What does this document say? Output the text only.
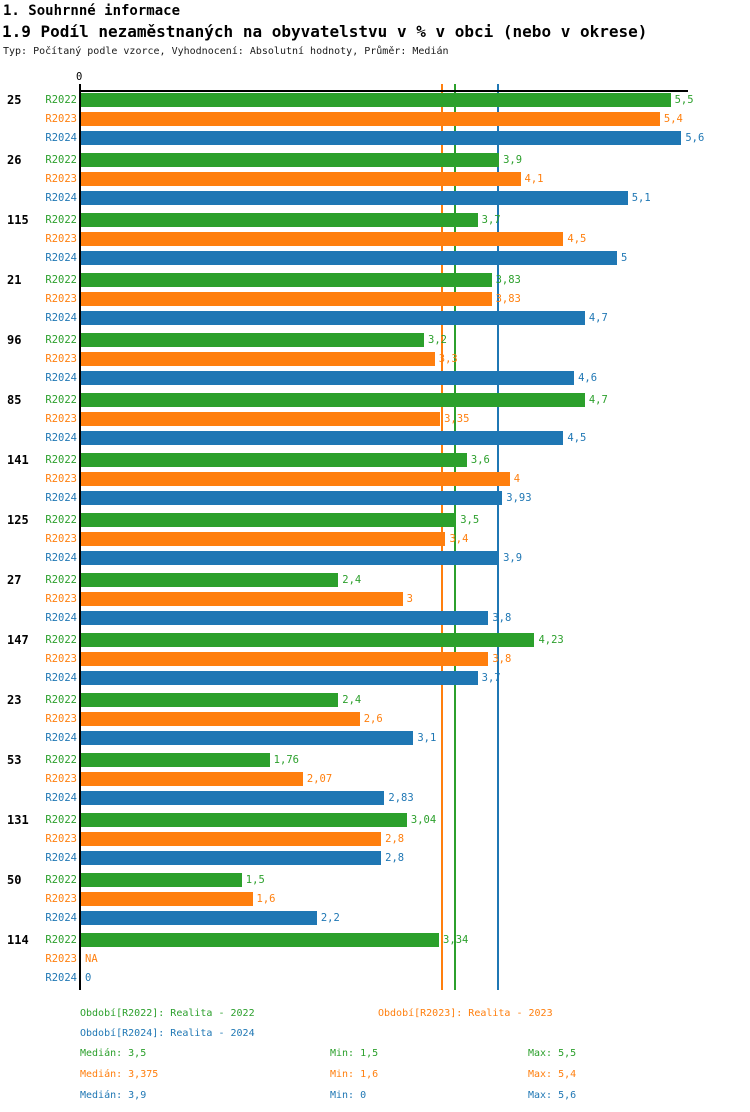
1. Souhrnné informace
1.9 Podíl nezaměstnaných na obyvatelstvu v % v obci (nebo v okrese)
Typ: Počítaný podle vzorce, Vyhodnocení: Absolutní hodnoty, Průměr: Medián
0
25	R2022	5,5
R2023	5,4
R2024	5,6
26	R2022	3,9
R2023	4,1
R2024	5,1
115	R2022	3,7
R2023	4,5
R2024	5
21	R2022	3,83
R2023	3,83
R2024	4,7
96	R2022	3,2
R2023	3,3
R2024	4,6
85	R2022	4,7
R2023	3,35
R2024	4,5
141	R2022	3,6
R2023	4
R2024	3,93
125	R2022	3,5
R2023	3,4
R2024	3,9
27	R2022	2,4
R2023	3
R2024	3,8
147	R2022	4,23
R2023	3,8
R2024	3,7
23	R2022	2,4
R2023	2,6
R2024	3,1
53	R2022	1,76
R2023	2,07
R2024	2,83
131	R2022	3,04
R2023	2,8
R2024	2,8
50	R2022	1,5
R2023	1,6
R2024	2,2
114	R2022	3,34
R2023 NA
R2024 0
Období[R2022]: Realita - 2022	Období[R2023]: Realita - 2023
Období[R2024]: Realita - 2024
Medián: 3,5	Min: 1,5	Max: 5,5
Medián: 3,375	Min: 1,6	Max: 5,4
Medián: 3,9	Min: 0	Max: 5,6
